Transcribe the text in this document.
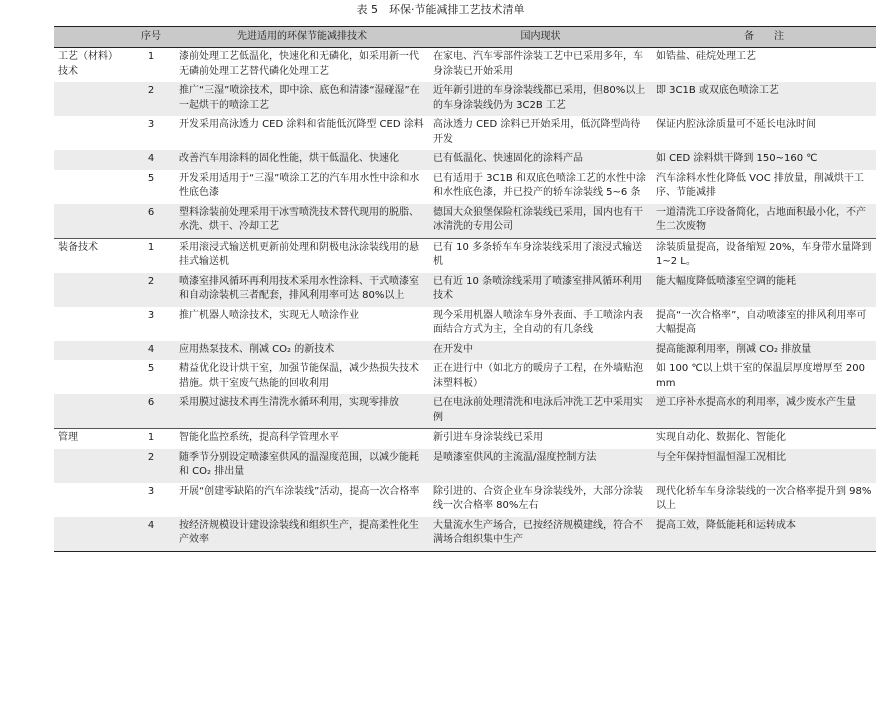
表 5　环保·节能减排工艺技术清单
	序号	先进适用的环保节能减排技术	国内现状	备　　注
工艺（材料）技术	1	漆前处理工艺低温化，快速化和无磷化，如采用新一代无磷前处理工艺替代磷化处理工艺	在家电、汽车零部件涂装工艺中已采用多年，车身涂装已开始采用	如锆盐、硅烷处理工艺
	2	推广“三湿”喷涂技术，即中涂、底色和清漆“湿碰湿”在一起烘干的喷涂工艺	近年新引进的车身涂装线都已采用，但80%以上的车身涂装线仍为 3C2B 工艺	即 3C1B 或双底色喷涂工艺
	3	开发采用高泳透力 CED 涂料和省能低沉降型 CED 涂料	高泳透力 CED 涂料已开始采用，低沉降型尚待开发	保证内腔泳涂质量可不延长电泳时间
	4	改善汽车用涂料的固化性能，烘干低温化、快速化	已有低温化、快速固化的涂料产品	如 CED 涂料烘干降到 150~160 ℃
	5	开发采用适用于“三湿”喷涂工艺的汽车用水性中涂和水性底色漆	已有适用于 3C1B 和双底色喷涂工艺的水性中涂和水性底色漆，并已投产的轿车涂装线 5~6 条	汽车涂料水性化降低 VOC 排放量，削减烘干工序、节能减排
	6	塑料涂装前处理采用干冰雪喷洗技术替代现用的脱脂、水洗、烘干、冷却工艺	德国大众狼堡保险杠涂装线已采用，国内也有干冰清洗的专用公司	一道清洗工序设备简化，占地面积最小化，不产生二次废物
装备技术	1	采用滚浸式输送机更新前处理和阴极电泳涂装线用的悬挂式输送机	已有 10 多条轿车车身涂装线采用了滚浸式输送机	涂装质量提高，设备缩短 20%，车身带水量降到 1~2 L。
	2	喷漆室排风循环再利用技术采用水性涂料、干式喷漆室和自动涂装机三者配套，排风利用率可达 80%以上	已有近 10 条喷涂线采用了喷漆室排风循环利用技术	能大幅度降低喷漆室空调的能耗
	3	推广机器人喷涂技术，实现无人喷涂作业	现今采用机器人喷涂车身外表面、手工喷涂内表面结合方式为主，全自动的有几条线	提高“一次合格率”，自动喷漆室的排风利用率可大幅提高
	4	应用热泵技术、削减 CO₂ 的新技术	在开发中	提高能源利用率，削减 CO₂ 排放量
	5	精益优化设计烘干室，加强节能保温，减少热损失技术措施。烘干室废气热能的回收利用	正在进行中（如北方的暖房子工程，在外墙贴泡沫塑料板）	如 100 ℃以上烘干室的保温层厚度增厚至 200 mm
	6	采用膜过滤技术再生清洗水循环利用，实现零排放	已在电泳前处理清洗和电泳后冲洗工艺中采用实例	逆工序补水提高水的利用率，减少废水产生量
管理	1	智能化监控系统，提高科学管理水平	新引进车身涂装线已采用	实现自动化、数据化、智能化
	2	随季节分别设定喷漆室供风的温湿度范围，以减少能耗和 CO₂ 排出量	是喷漆室供风的主流温/湿度控制方法	与全年保持恒温恒湿工况相比
	3	开展“创建零缺陷的汽车涂装线”活动，提高一次合格率	除引进的、合资企业车身涂装线外，大部分涂装线一次合格率 80%左右	现代化轿车车身涂装线的一次合格率提升到 98%以上
	4	按经济规模设计建设涂装线和组织生产，提高柔性化生产效率	大量流水生产场合，已按经济规模建线，符合不满场合组织集中生产	提高工效，降低能耗和运转成本
